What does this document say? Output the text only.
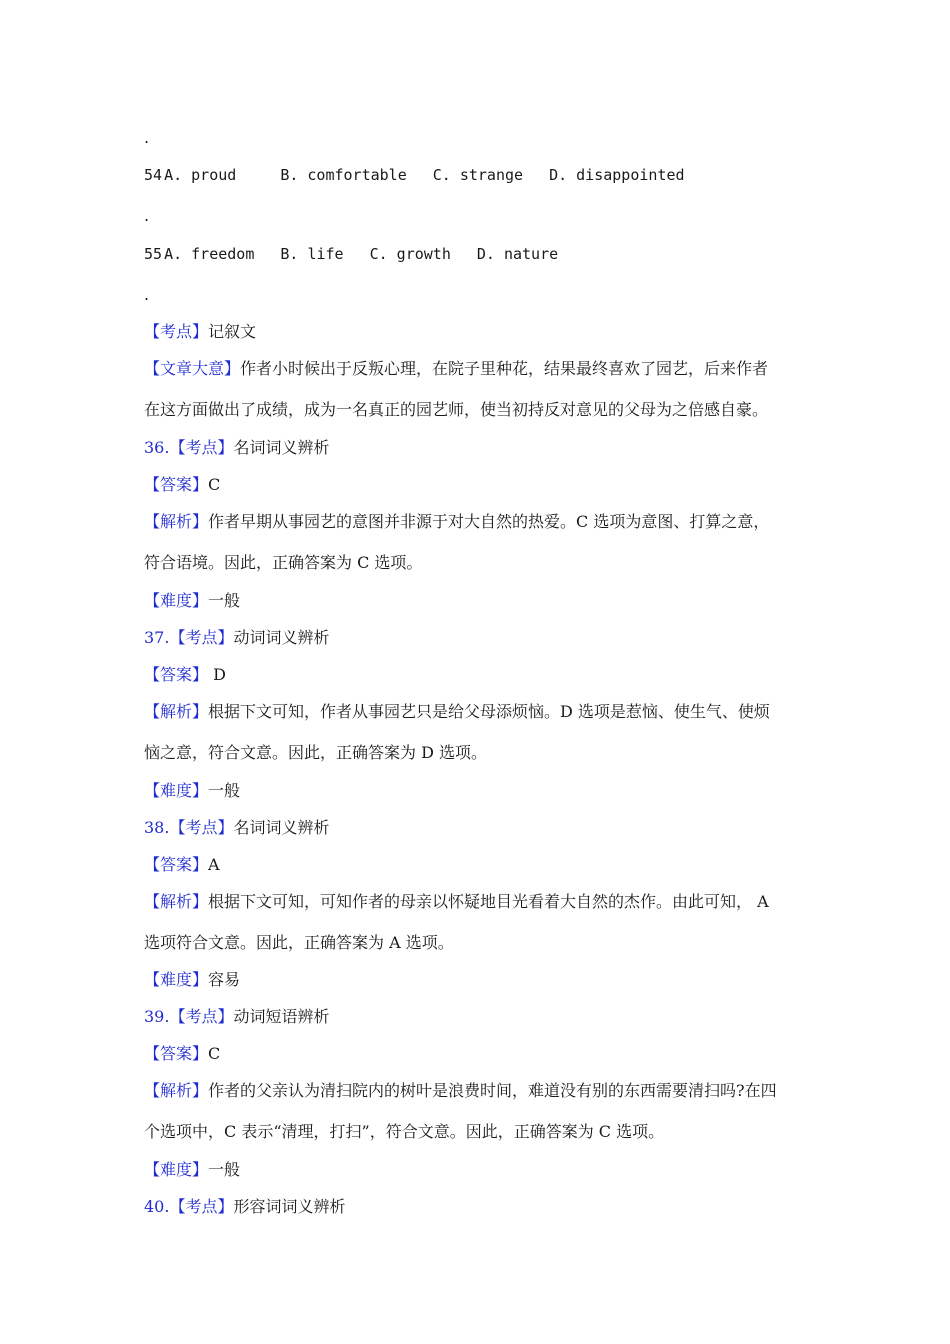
.
54 A. proud	B. comfortable C. strange D. disappointed
.
55 A. freedom B. life C. growth D. nature
.
【考点】记叙文
【文章大意】作者小时候出于反叛心理，在院子里种花，结果最终喜欢了园艺，后来作者
在这方面做出了成绩，成为一名真正的园艺师，使当初持反对意见的父母为之倍感自豪。
36.【考点】名词词义辨析
【答案】C
【解析】作者早期从事园艺的意图并非源于对大自然的热爱。C 选项为意图、打算之意，
符合语境。因此，正确答案为 C 选项。
【难度】一般
37.【考点】动词词义辨析
【答案】 D
【解析】根据下文可知，作者从事园艺只是给父母添烦恼。D 选项是惹恼、使生气、使烦
恼之意，符合文意。因此，正确答案为 D 选项。
【难度】一般
38.【考点】名词词义辨析
【答案】A
【解析】根据下文可知，可知作者的母亲以怀疑地目光看着大自然的杰作。由此可知， A
选项符合文意。因此，正确答案为 A 选项。
【难度】容易
39.【考点】动词短语辨析
【答案】C
【解析】作者的父亲认为清扫院内的树叶是浪费时间，难道没有别的东西需要清扫吗?在四
个选项中，C 表示“清理，打扫”，符合文意。因此，正确答案为 C 选项。
【难度】一般
40.【考点】形容词词义辨析
